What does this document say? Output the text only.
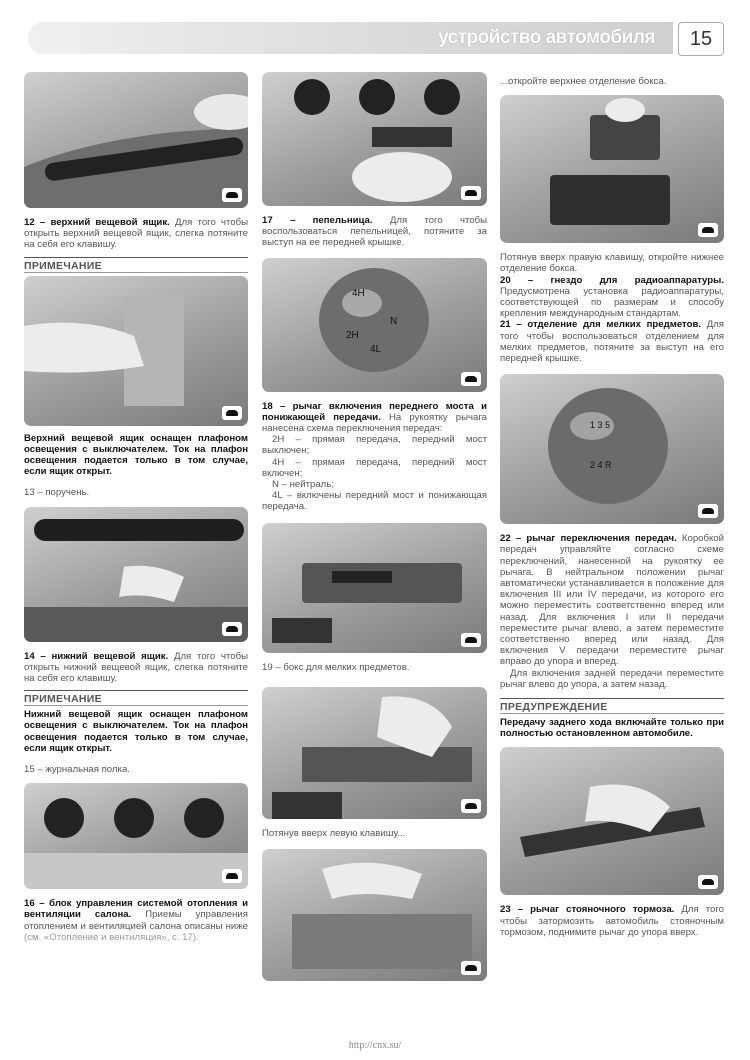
устройство автомобиля	15

12 – верхний вещевой ящик. Для того чтобы открыть верхний вещевой ящик, слегка потяните на себя его клавишу.

ПРИМЕЧАНИЕ

Верхний вещевой ящик оснащен плафоном освещения с выключателем. Ток на плафон освещения подается только в том случае, если ящик открыт.

13 – поручень.

14 – нижний вещевой ящик. Для того чтобы открыть нижний вещевой ящик, слегка потяните на себя его клавишу.

ПРИМЕЧАНИЕ

Нижний вещевой ящик оснащен плафоном освещения с выключателем. Ток на плафон освещения подается только в том случае, если ящик открыт.

15 – журнальная полка.

16 – блок управления системой отопления и вентиляции салона. Приемы управления отоплением и вентиляцией салона описаны ниже (см. «Отопление и вентиляция», с. 17).

17 – пепельница. Для того чтобы воспользоваться пепельницей, потяните за выступ на ее передней крышке.

4H
2H
N
4L

18 – рычаг включения переднего моста и понижающей передачи. На рукоятку рычага нанесена схема переключения передач:

2H – прямая передача, передний мост выключен;

4H – прямая передача, передний мост включен;

N – нейтраль;

4L – включены передний мост и понижающая передача.

19 – бокс для мелких предметов.

Потянув вверх левую клавишу...

...откройте верхнее отделение бокса.

Потянув вверх правую клавишу, откройте нижнее отделение бокса.

20 – гнездо для радиоаппаратуры. Предусмотрена установка радиоаппаратуры, соответствующей по размерам и способу крепления международным стандартам.

21 – отделение для мелких предметов. Для того чтобы воспользоваться отделением для мелких предметов, потяните за выступ на его передней крышке.

1 3 5
2 4 R

22 – рычаг переключения передач. Коробкой передач управляйте согласно схеме переключений, нанесенной на рукоятку ее рычага. В нейтральном положении рычаг автоматически устанавливается в положение для включения III или IV передачи, из которого его можно переместить соответственно вперед или назад. Для включения I или II передачи переместите рычаг влево, а затем переместите соответственно вперед или назад. Для включения V передачи переместите рычаг вправо до упора и вперед.

Для включения задней передачи переместите рычаг влево до упора, а затем назад.

ПРЕДУПРЕЖДЕНИЕ

Передачу заднего хода включайте только при полностью остановленном автомобиле.

23 – рычаг стояночного тормоза. Для того чтобы затормозить автомобиль стояночным тормозом, поднимите рычаг до упора вверх.

http://cnx.su/
